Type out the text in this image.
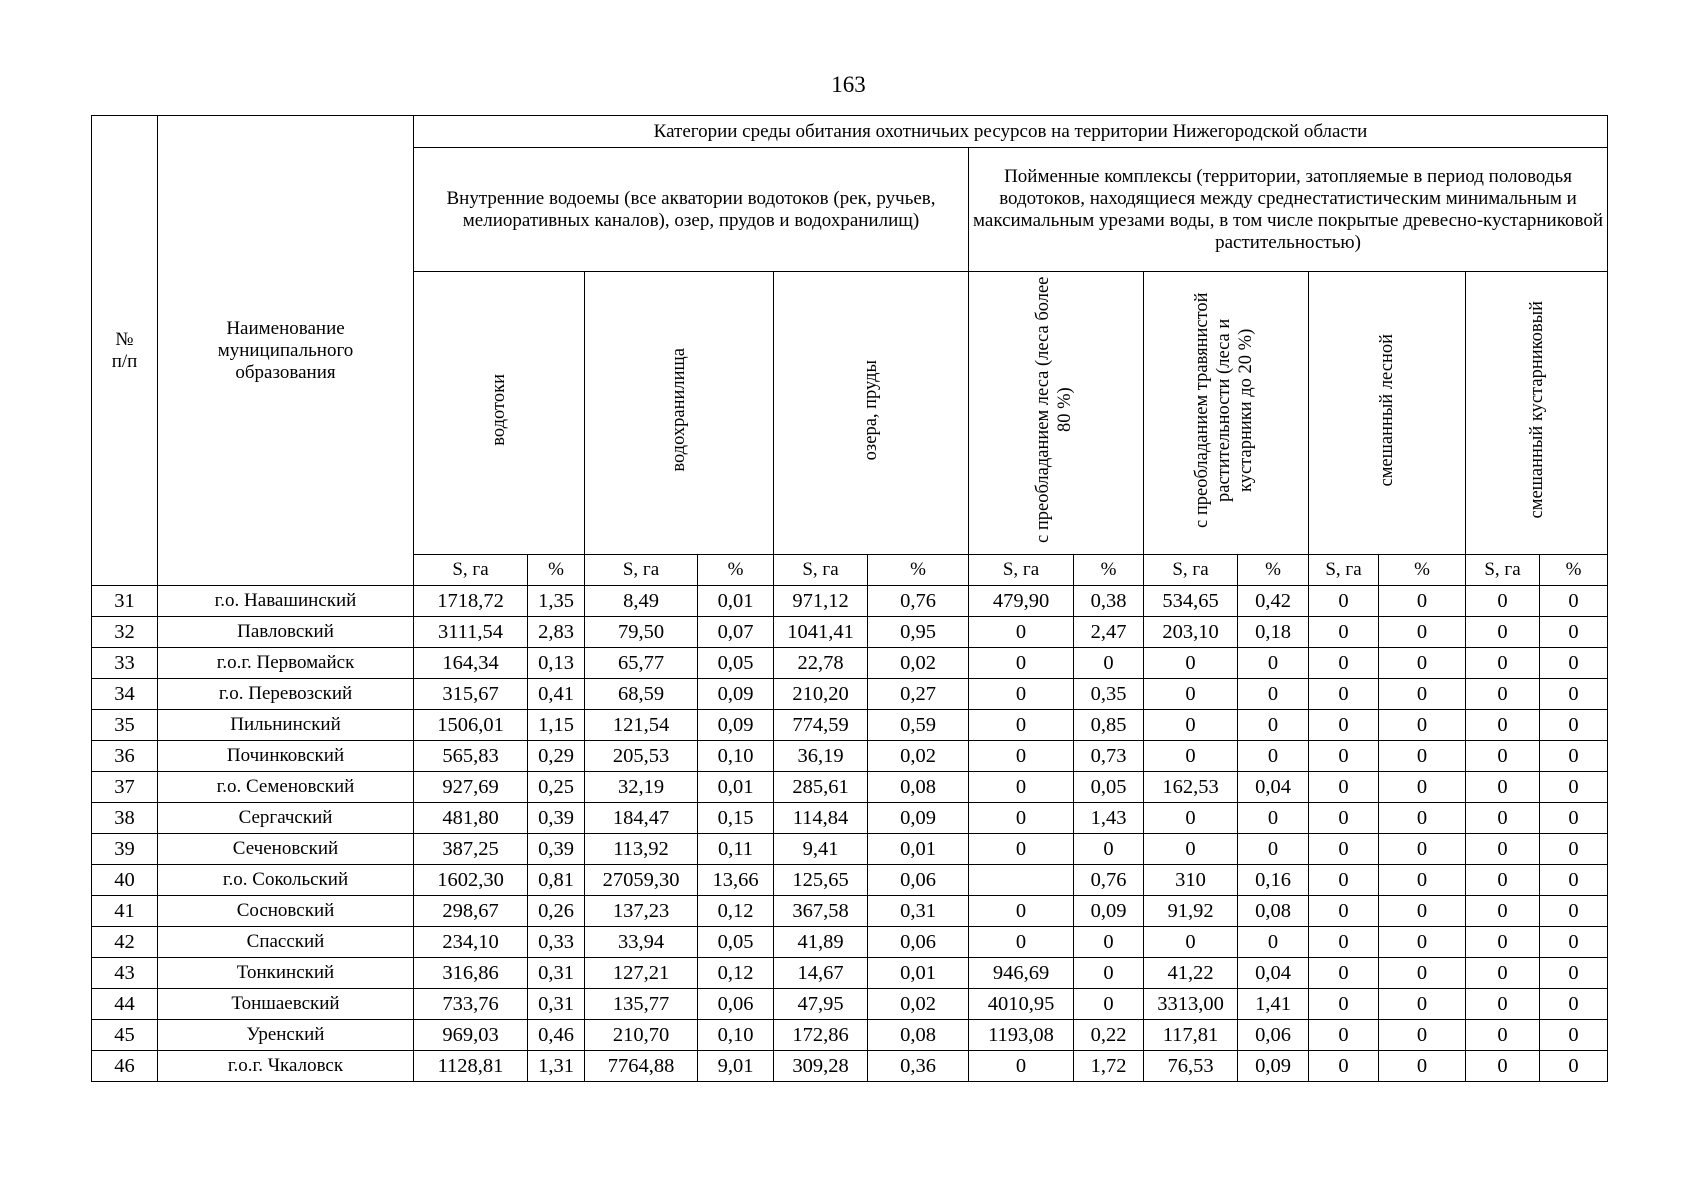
163
№
п/п	Наименование
муниципального
образования	Категории среды обитания охотничьих ресурсов на территории Нижегородской области													
		Внутренние водоемы (все акватории водотоков (рек, ручьев, мелиоративных каналов), озер, прудов и водохранилищ)						Пойменные комплексы (территории, затопляемые в период половодья водотоков, находящиеся между среднестатистическим минимальным и максимальным урезами воды, в том числе покрытые древесно-кустарниковой растительностью)							
		водотоки		водохранилища		озера, пруды		с преобладанием леса (леса более 80 %)		с преобладанием травянистой растительности (леса и кустарники до 20 %)		смешанный лесной		смешанный кустарниковый	
		S, га	%	S, га	%	S, га	%	S, га	%	S, га	%	S, га	%	S, га	%
31	г.о. Навашинский	1718,72	1,35	8,49	0,01	971,12	0,76	479,90	0,38	534,65	0,42	0	0	0	0
32	Павловский	3111,54	2,83	79,50	0,07	1041,41	0,95	0	2,47	203,10	0,18	0	0	0	0
33	г.о.г. Первомайск	164,34	0,13	65,77	0,05	22,78	0,02	0	0	0	0	0	0	0	0
34	г.о. Перевозский	315,67	0,41	68,59	0,09	210,20	0,27	0	0,35	0	0	0	0	0	0
35	Пильнинский	1506,01	1,15	121,54	0,09	774,59	0,59	0	0,85	0	0	0	0	0	0
36	Починковский	565,83	0,29	205,53	0,10	36,19	0,02	0	0,73	0	0	0	0	0	0
37	г.о. Семеновский	927,69	0,25	32,19	0,01	285,61	0,08	0	0,05	162,53	0,04	0	0	0	0
38	Сергачский	481,80	0,39	184,47	0,15	114,84	0,09	0	1,43	0	0	0	0	0	0
39	Сеченовский	387,25	0,39	113,92	0,11	9,41	0,01	0	0	0	0	0	0	0	0
40	г.о. Сокольский	1602,30	0,81	27059,30	13,66	125,65	0,06		0,76	310	0,16	0	0	0	0
41	Сосновский	298,67	0,26	137,23	0,12	367,58	0,31	0	0,09	91,92	0,08	0	0	0	0
42	Спасский	234,10	0,33	33,94	0,05	41,89	0,06	0	0	0	0	0	0	0	0
43	Тонкинский	316,86	0,31	127,21	0,12	14,67	0,01	946,69	0	41,22	0,04	0	0	0	0
44	Тоншаевский	733,76	0,31	135,77	0,06	47,95	0,02	4010,95	0	3313,00	1,41	0	0	0	0
45	Уренский	969,03	0,46	210,70	0,10	172,86	0,08	1193,08	0,22	117,81	0,06	0	0	0	0
46	г.о.г. Чкаловск	1128,81	1,31	7764,88	9,01	309,28	0,36	0	1,72	76,53	0,09	0	0	0	0
